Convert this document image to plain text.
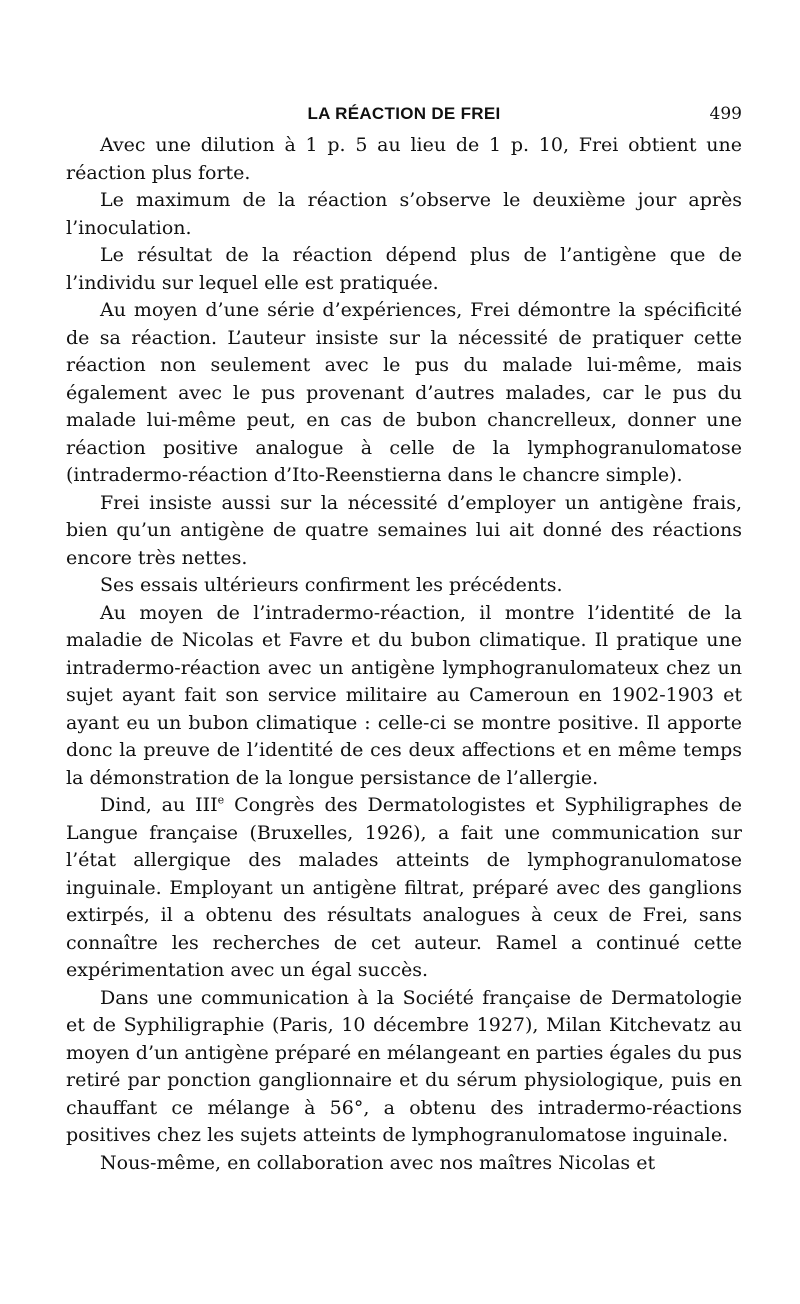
LA RÉACTION DE FREI	499

Avec une dilution à 1 p. 5 au lieu de 1 p. 10, Frei obtient une réaction plus forte.

Le maximum de la réaction s’observe le deuxième jour après l’inoculation.

Le résultat de la réaction dépend plus de l’antigène que de l’individu sur lequel elle est pratiquée.

Au moyen d’une série d’expériences, Frei démontre la spécificité de sa réaction. L’auteur insiste sur la nécessité de pratiquer cette réaction non seulement avec le pus du malade lui-même, mais également avec le pus provenant d’autres malades, car le pus du malade lui-même peut, en cas de bubon chancrelleux, donner une réaction positive analogue à celle de la lymphogranulomatose (intradermo-réaction d’Ito-Reenstierna dans le chancre simple).

Frei insiste aussi sur la nécessité d’employer un antigène frais, bien qu’un antigène de quatre semaines lui ait donné des réactions encore très nettes.

Ses essais ultérieurs confirment les précédents.

Au moyen de l’intradermo-réaction, il montre l’identité de la maladie de Nicolas et Favre et du bubon climatique. Il pratique une intradermo-réaction avec un antigène lymphogranulomateux chez un sujet ayant fait son service militaire au Cameroun en 1902-1903 et ayant eu un bubon climatique : celle-ci se montre positive. Il apporte donc la preuve de l’identité de ces deux affections et en même temps la démonstration de la longue persistance de l’allergie.

Dind, au IIIe Congrès des Dermatologistes et Syphiligraphes de Langue française (Bruxelles, 1926), a fait une communication sur l’état allergique des malades atteints de lymphogranulomatose inguinale. Employant un antigène filtrat, préparé avec des ganglions extirpés, il a obtenu des résultats analogues à ceux de Frei, sans connaître les recherches de cet auteur. Ramel a continué cette expérimentation avec un égal succès.

Dans une communication à la Société française de Dermatologie et de Syphiligraphie (Paris, 10 décembre 1927), Milan Kitchevatz au moyen d’un antigène préparé en mélangeant en parties égales du pus retiré par ponction ganglionnaire et du sérum physiologique, puis en chauffant ce mélange à 56°, a obtenu des intradermo-réactions positives chez les sujets atteints de lymphogranulomatose inguinale.

Nous-même, en collaboration avec nos maîtres Nicolas et
